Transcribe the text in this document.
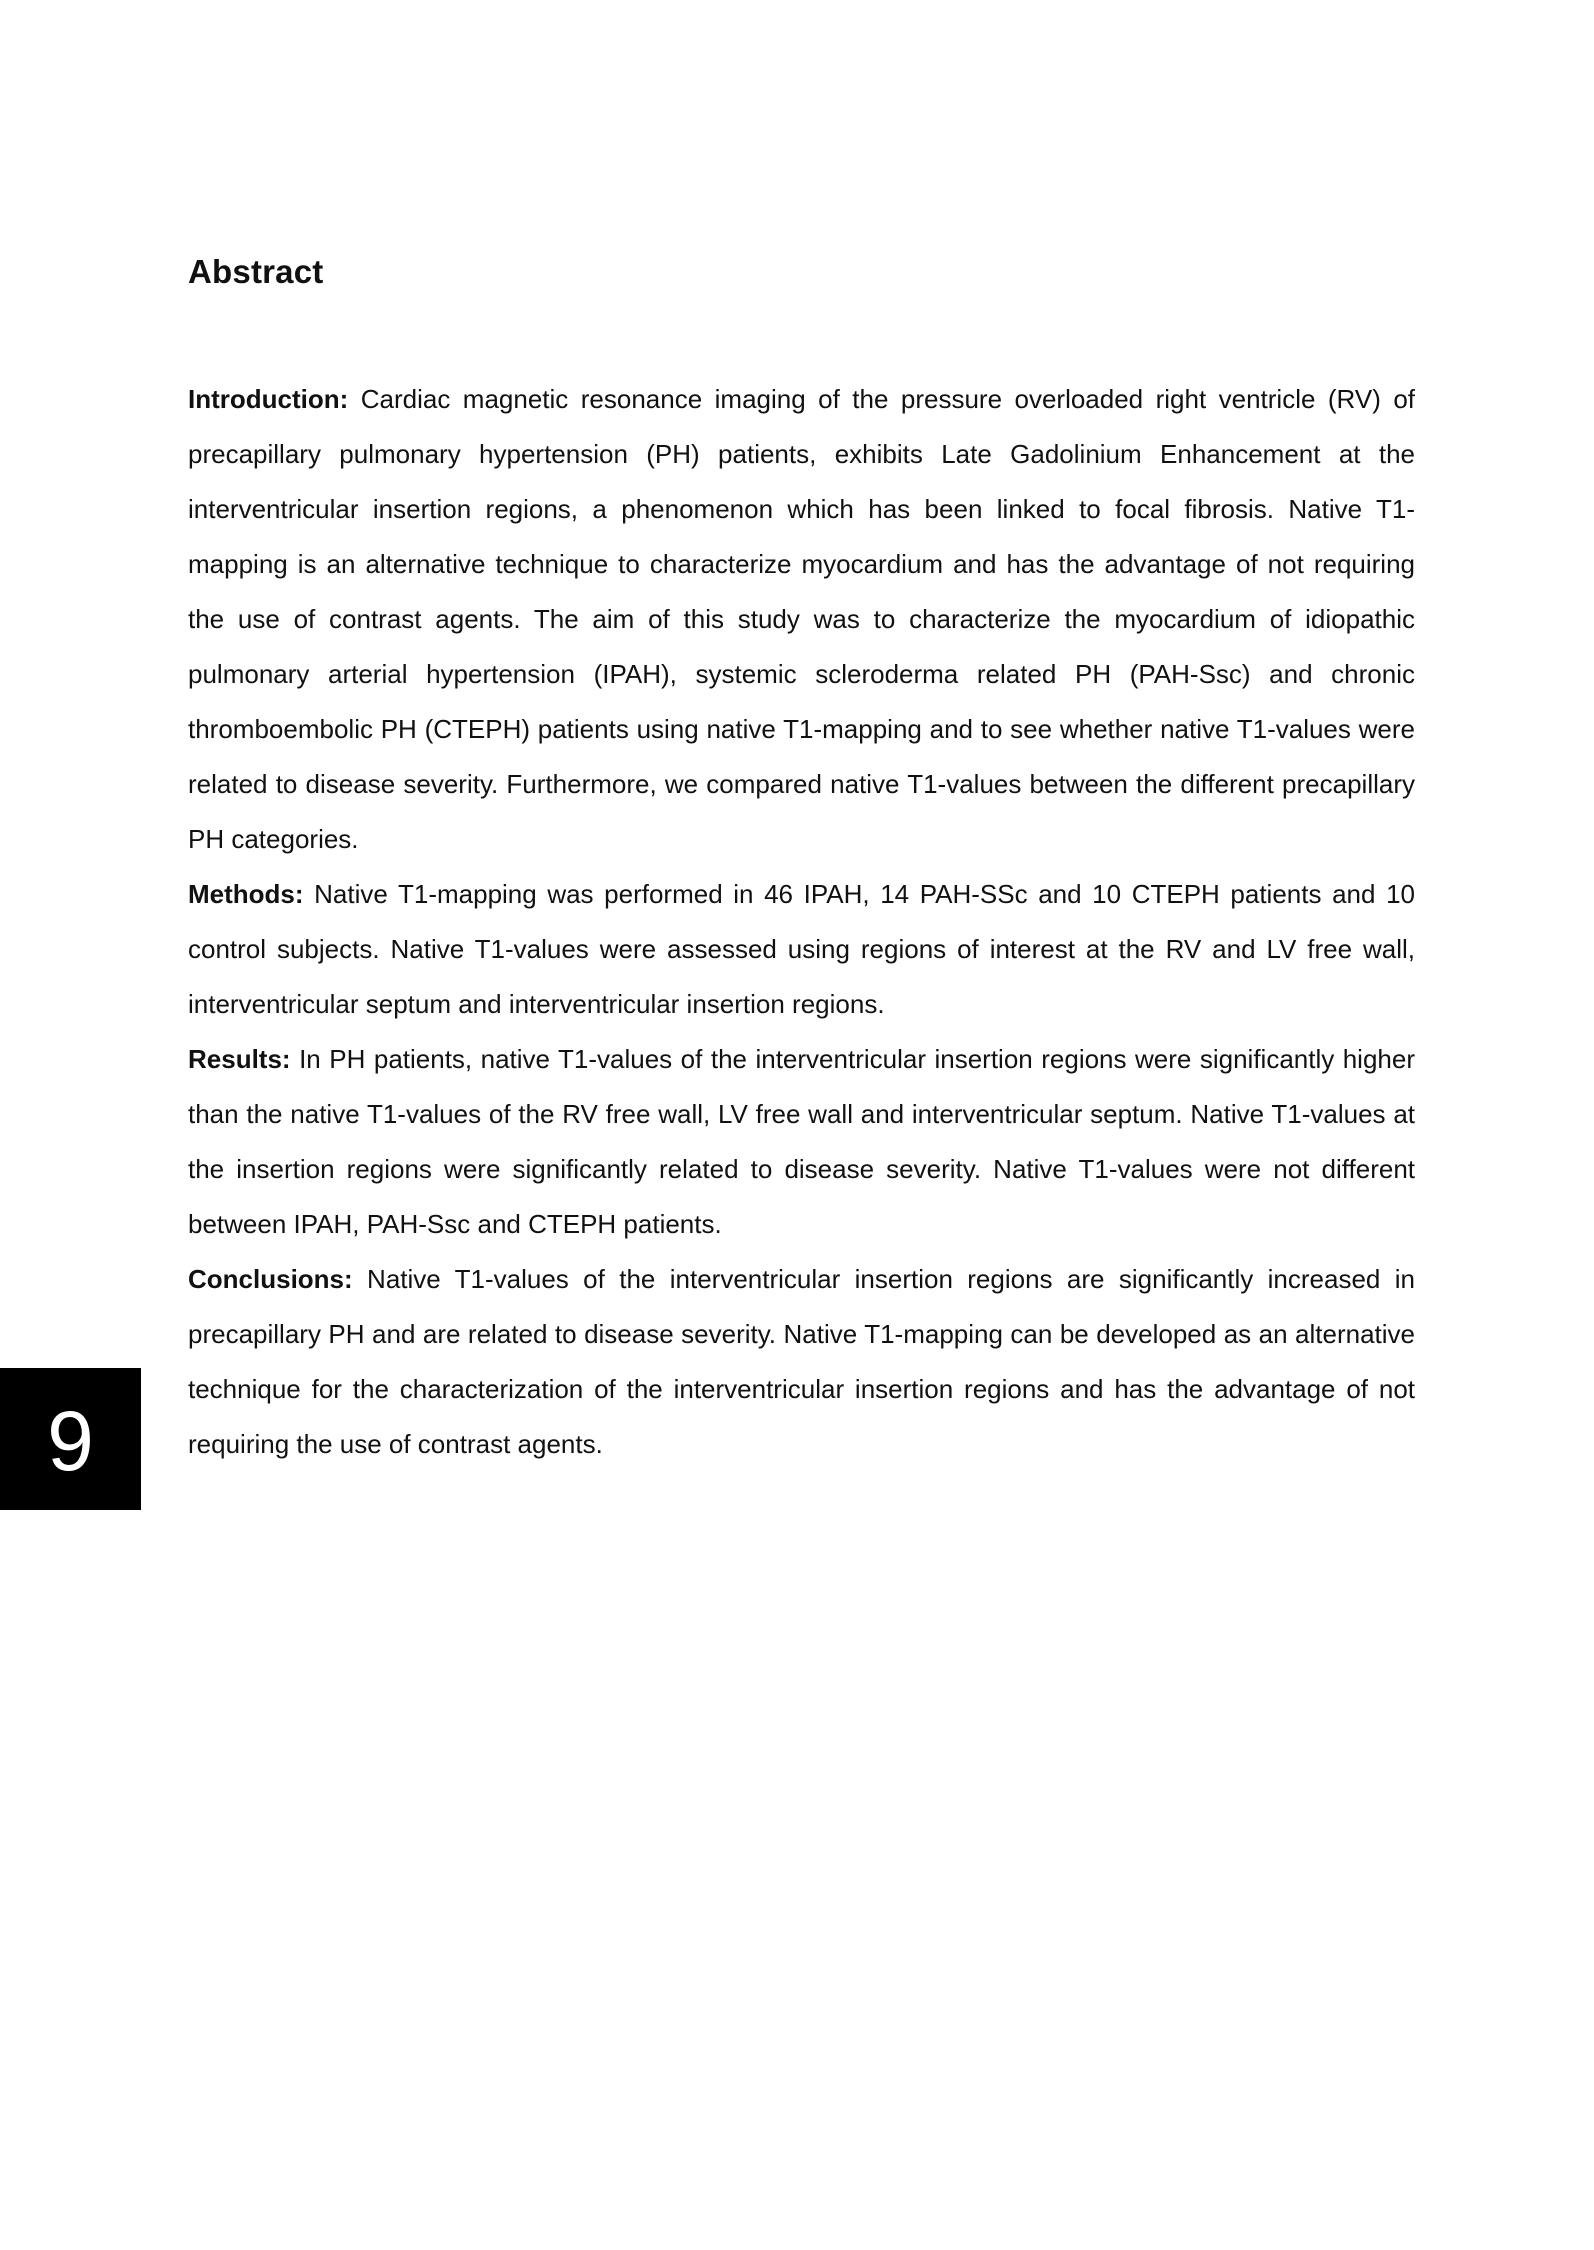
Abstract

Introduction: Cardiac magnetic resonance imaging of the pressure overloaded right ventricle (RV) of precapillary pulmonary hypertension (PH) patients, exhibits Late Gadolinium Enhancement at the interventricular insertion regions, a phenomenon which has been linked to focal fibrosis. Native T1-mapping is an alternative technique to characterize myocardium and has the advantage of not requiring the use of contrast agents. The aim of this study was to characterize the myocardium of idiopathic pulmonary arterial hypertension (IPAH), systemic scleroderma related PH (PAH-Ssc) and chronic thromboembolic PH (CTEPH) patients using native T1-mapping and to see whether native T1-values were related to disease severity. Furthermore, we compared native T1-values between the different precapillary PH categories.

Methods: Native T1-mapping was performed in 46 IPAH, 14 PAH-SSc and 10 CTEPH patients and 10 control subjects. Native T1-values were assessed using regions of interest at the RV and LV free wall, interventricular septum and interventricular insertion regions.

Results: In PH patients, native T1-values of the interventricular insertion regions were significantly higher than the native T1-values of the RV free wall, LV free wall and interventricular septum. Native T1-values at the insertion regions were significantly related to disease severity. Native T1-values were not different between IPAH, PAH-Ssc and CTEPH patients.

Conclusions: Native T1-values of the interventricular insertion regions are significantly increased in precapillary PH and are related to disease severity. Native T1-mapping can be developed as an alternative technique for the characterization of the interventricular insertion regions and has the advantage of not requiring the use of contrast agents.

9
